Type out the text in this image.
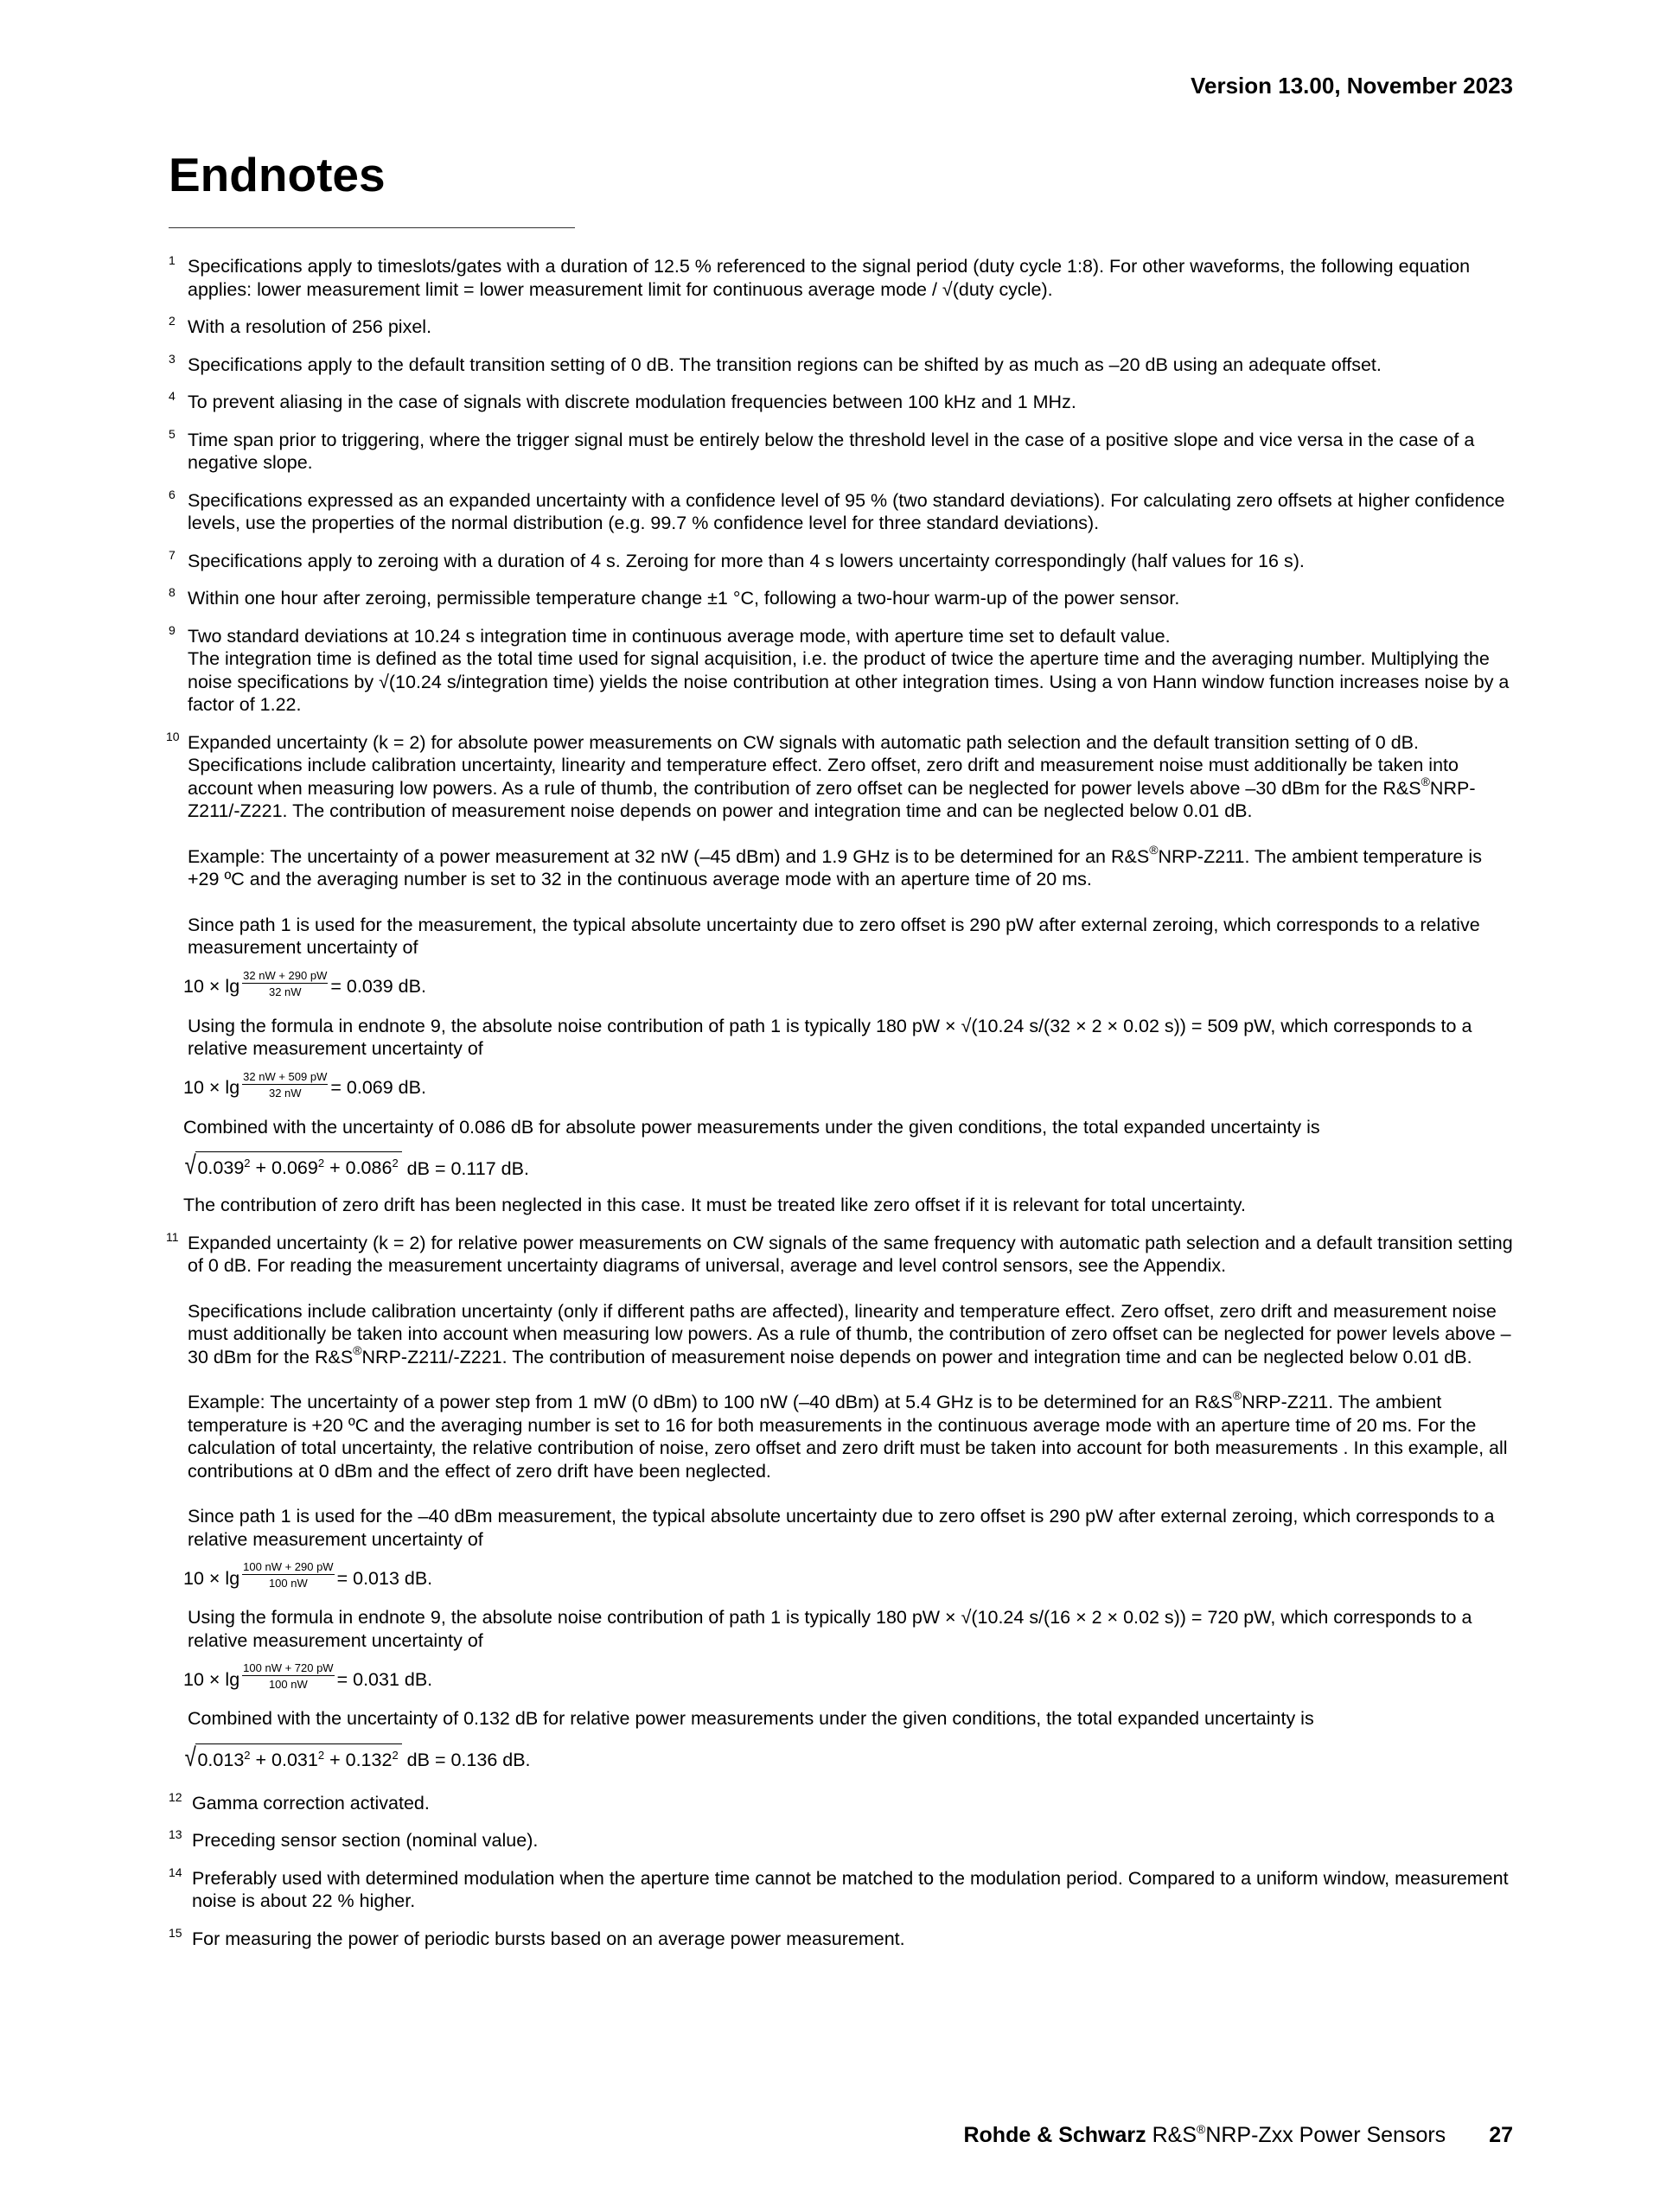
Version 13.00, November 2023
Endnotes
1 Specifications apply to timeslots/gates with a duration of 12.5 % referenced to the signal period (duty cycle 1:8). For other waveforms, the following equation applies: lower measurement limit = lower measurement limit for continuous average mode / √(duty cycle).
2 With a resolution of 256 pixel.
3 Specifications apply to the default transition setting of 0 dB. The transition regions can be shifted by as much as –20 dB using an adequate offset.
4 To prevent aliasing in the case of signals with discrete modulation frequencies between 100 kHz and 1 MHz.
5 Time span prior to triggering, where the trigger signal must be entirely below the threshold level in the case of a positive slope and vice versa in the case of a negative slope.
6 Specifications expressed as an expanded uncertainty with a confidence level of 95 % (two standard deviations). For calculating zero offsets at higher confidence levels, use the properties of the normal distribution (e.g. 99.7 % confidence level for three standard deviations).
7 Specifications apply to zeroing with a duration of 4 s. Zeroing for more than 4 s lowers uncertainty correspondingly (half values for 16 s).
8 Within one hour after zeroing, permissible temperature change ±1 °C, following a two-hour warm-up of the power sensor.
9 Two standard deviations at 10.24 s integration time in continuous average mode, with aperture time set to default value.
The integration time is defined as the total time used for signal acquisition, i.e. the product of twice the aperture time and the averaging number. Multiplying the noise specifications by √(10.24 s/integration time) yields the noise contribution at other integration times. Using a von Hann window function increases noise by a factor of 1.22.
10 Expanded uncertainty (k = 2) for absolute power measurements on CW signals with automatic path selection and the default transition setting of 0 dB. Specifications include calibration uncertainty, linearity and temperature effect. Zero offset, zero drift and measurement noise must additionally be taken into account when measuring low powers. As a rule of thumb, the contribution of zero offset can be neglected for power levels above –30 dBm for the R&S®NRP-Z211/-Z221. The contribution of measurement noise depends on power and integration time and can be neglected below 0.01 dB.
Example: The uncertainty of a power measurement at 32 nW (–45 dBm) and 1.9 GHz is to be determined for an R&S®NRP-Z211. The ambient temperature is +29 ºC and the averaging number is set to 32 in the continuous average mode with an aperture time of 20 ms.
Since path 1 is used for the measurement, the typical absolute uncertainty due to zero offset is 290 pW after external zeroing, which corresponds to a relative measurement uncertainty of
$10 \times \lg \frac{32 nW + 290 pW}{32 nW} = 0.039$ dB.
Using the formula in endnote 9, the absolute noise contribution of path 1 is typically 180 pW × √(10.24 s/(32 × 2 × 0.02 s)) = 509 pW, which corresponds to a relative measurement uncertainty of
$10 \times \lg \frac{32 nW + 509 pW}{32 nW} = 0.069$ dB.
Combined with the uncertainty of 0.086 dB for absolute power measurements under the given conditions, the total expanded uncertainty is
√ $0.039^2 + 0.069^2 + 0.086^2$ dB = 0.117 dB.
The contribution of zero drift has been neglected in this case. It must be treated like zero offset if it is relevant for total uncertainty.
11 Expanded uncertainty (k = 2) for relative power measurements on CW signals of the same frequency with automatic path selection and a default transition setting of 0 dB. For reading the measurement uncertainty diagrams of universal, average and level control sensors, see the Appendix.
Specifications include calibration uncertainty (only if different paths are affected), linearity and temperature effect. Zero offset, zero drift and measurement noise must additionally be taken into account when measuring low powers. As a rule of thumb, the contribution of zero offset can be neglected for power levels above –30 dBm for the R&S®NRP-Z211/-Z221. The contribution of measurement noise depends on power and integration time and can be neglected below 0.01 dB.
Example: The uncertainty of a power step from 1 mW (0 dBm) to 100 nW (–40 dBm) at 5.4 GHz is to be determined for an R&S®NRP-Z211. The ambient temperature is +20 ºC and the averaging number is set to 16 for both measurements in the continuous average mode with an aperture time of 20 ms. For the calculation of total uncertainty, the relative contribution of noise, zero offset and zero drift must be taken into account for both measurements . In this example, all contributions at 0 dBm and the effect of zero drift have been neglected.
Since path 1 is used for the –40 dBm measurement, the typical absolute uncertainty due to zero offset is 290 pW after external zeroing, which corresponds to a relative measurement uncertainty of
$10 \times \lg \frac{100 nW + 290 pW}{100 nW} = 0.013$ dB.
Using the formula in endnote 9, the absolute noise contribution of path 1 is typically 180 pW × √(10.24 s/(16 × 2 × 0.02 s)) = 720 pW, which corresponds to a relative measurement uncertainty of
$10 \times \lg \frac{100 nW + 720 pW}{100 nW} = 0.031$ dB.
Combined with the uncertainty of 0.132 dB for relative power measurements under the given conditions, the total expanded uncertainty is
√ $0.013^2 + 0.031^2 + 0.132^2$ dB = 0.136 dB.
12 Gamma correction activated.
13 Preceding sensor section (nominal value).
14 Preferably used with determined modulation when the aperture time cannot be matched to the modulation period. Compared to a uniform window, measurement noise is about 22 % higher.
15 For measuring the power of periodic bursts based on an average power measurement.
Rohde & Schwarz R&S®NRP-Zxx Power Sensors 27
